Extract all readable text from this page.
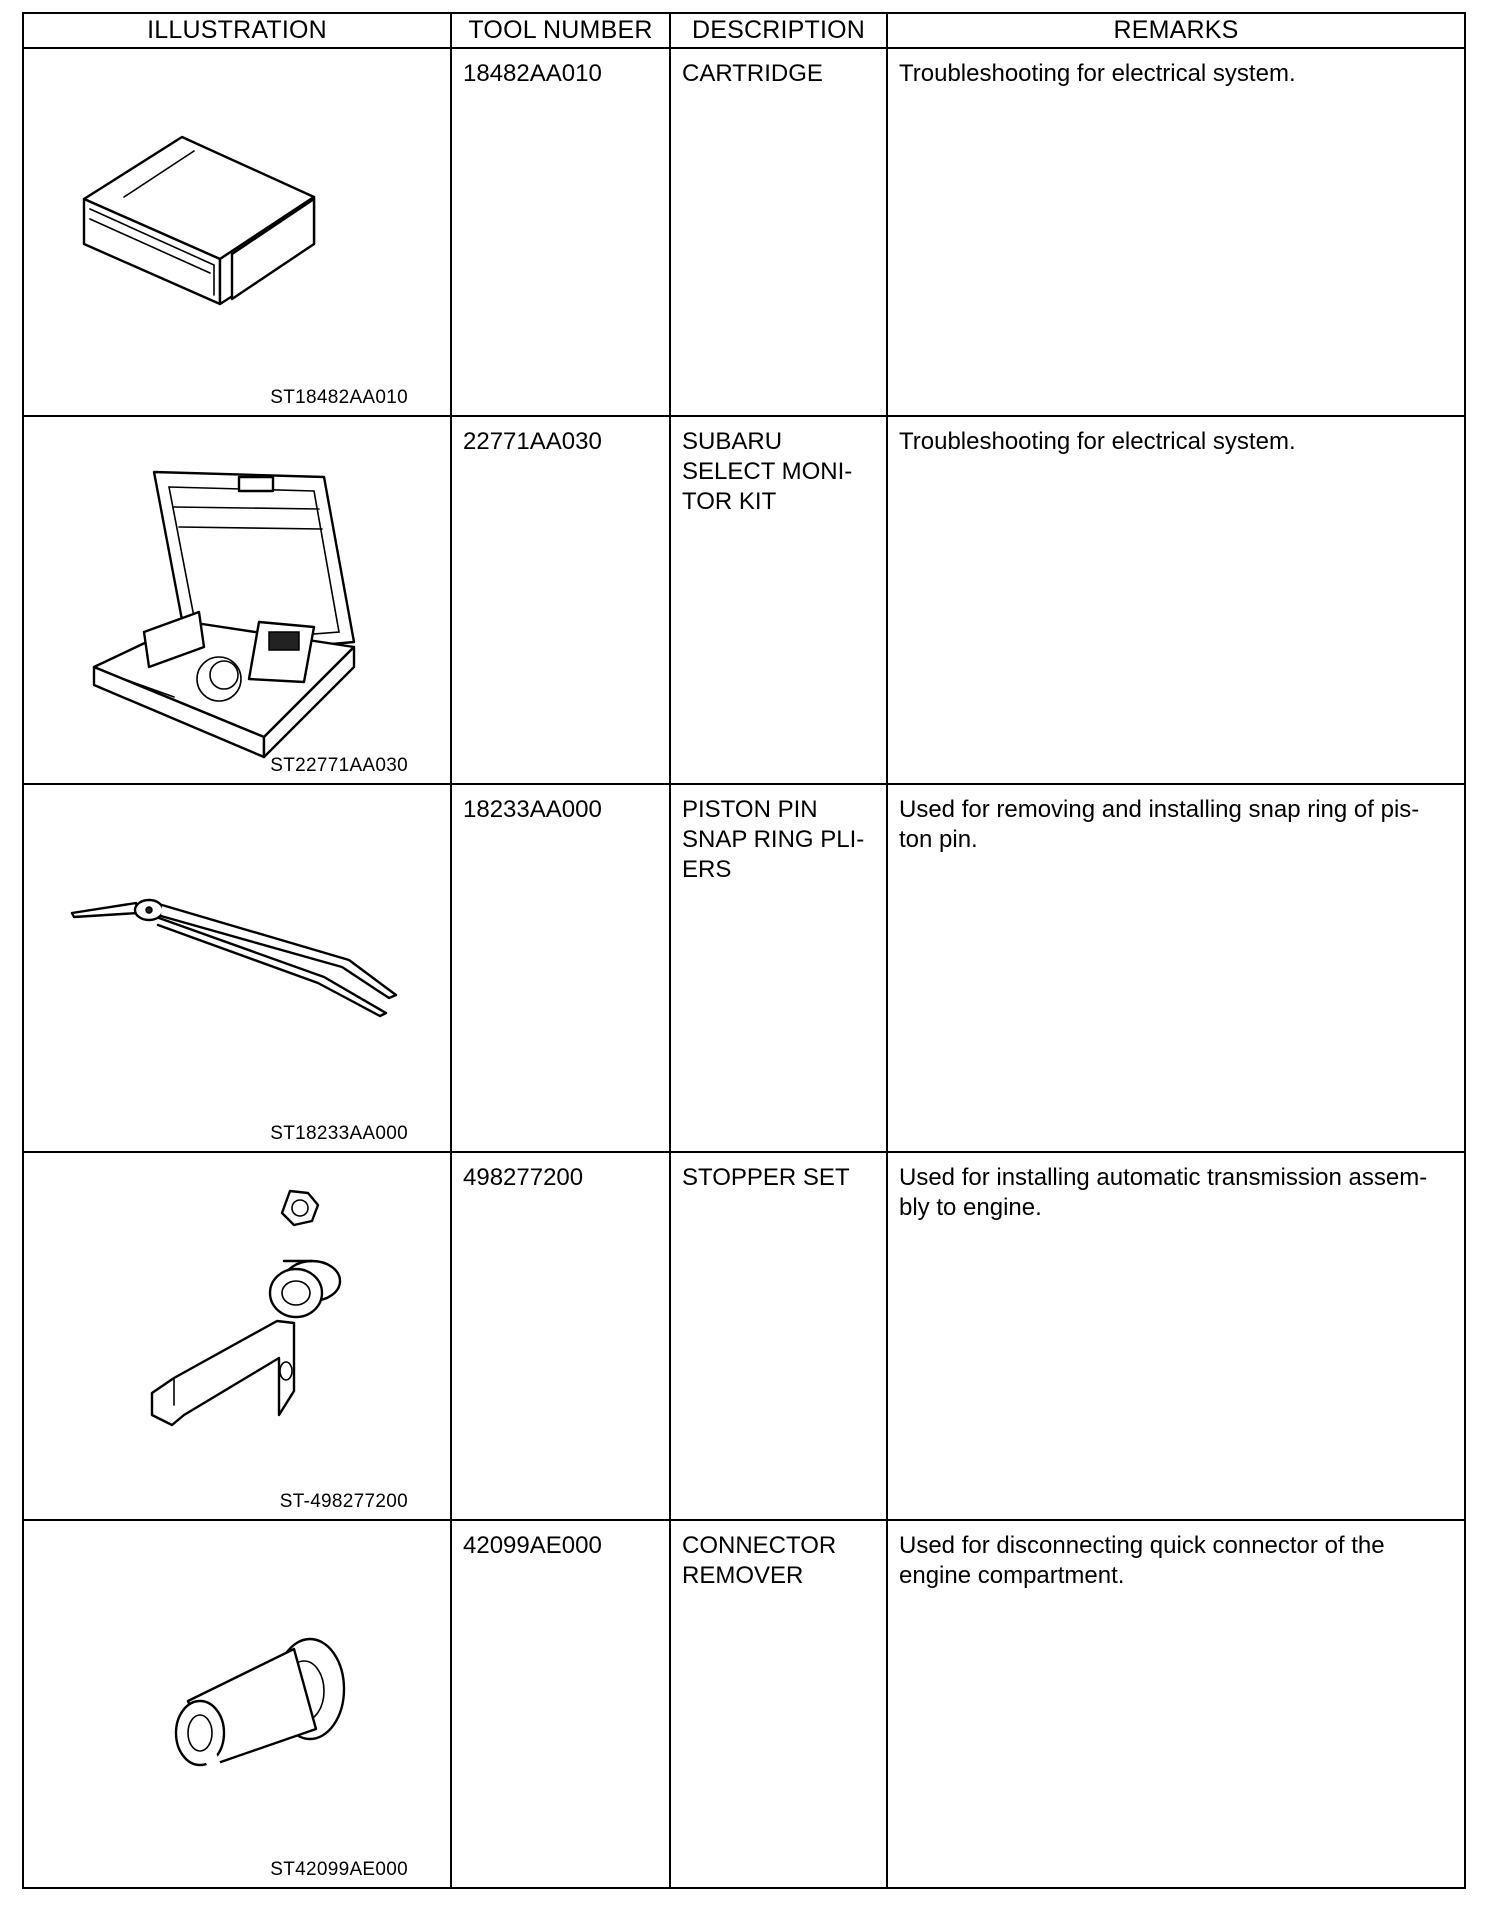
ILLUSTRATION	TOOL NUMBER	DESCRIPTION	REMARKS

ST18482AA010	18482AA010	CARTRIDGE	Troubleshooting for electrical system.

ST22771AA030	22771AA030	SUBARU
SELECT MONI-
TOR KIT	Troubleshooting for electrical system.

ST18233AA000	18233AA000	PISTON PIN
SNAP RING PLI-
ERS	Used for removing and installing snap ring of pis- ton pin.

ST-498277200	498277200	STOPPER SET	Used for installing automatic transmission assem- bly to engine.

ST42099AE000	42099AE000	CONNECTOR
REMOVER	Used for disconnecting quick connector of the engine compartment.
